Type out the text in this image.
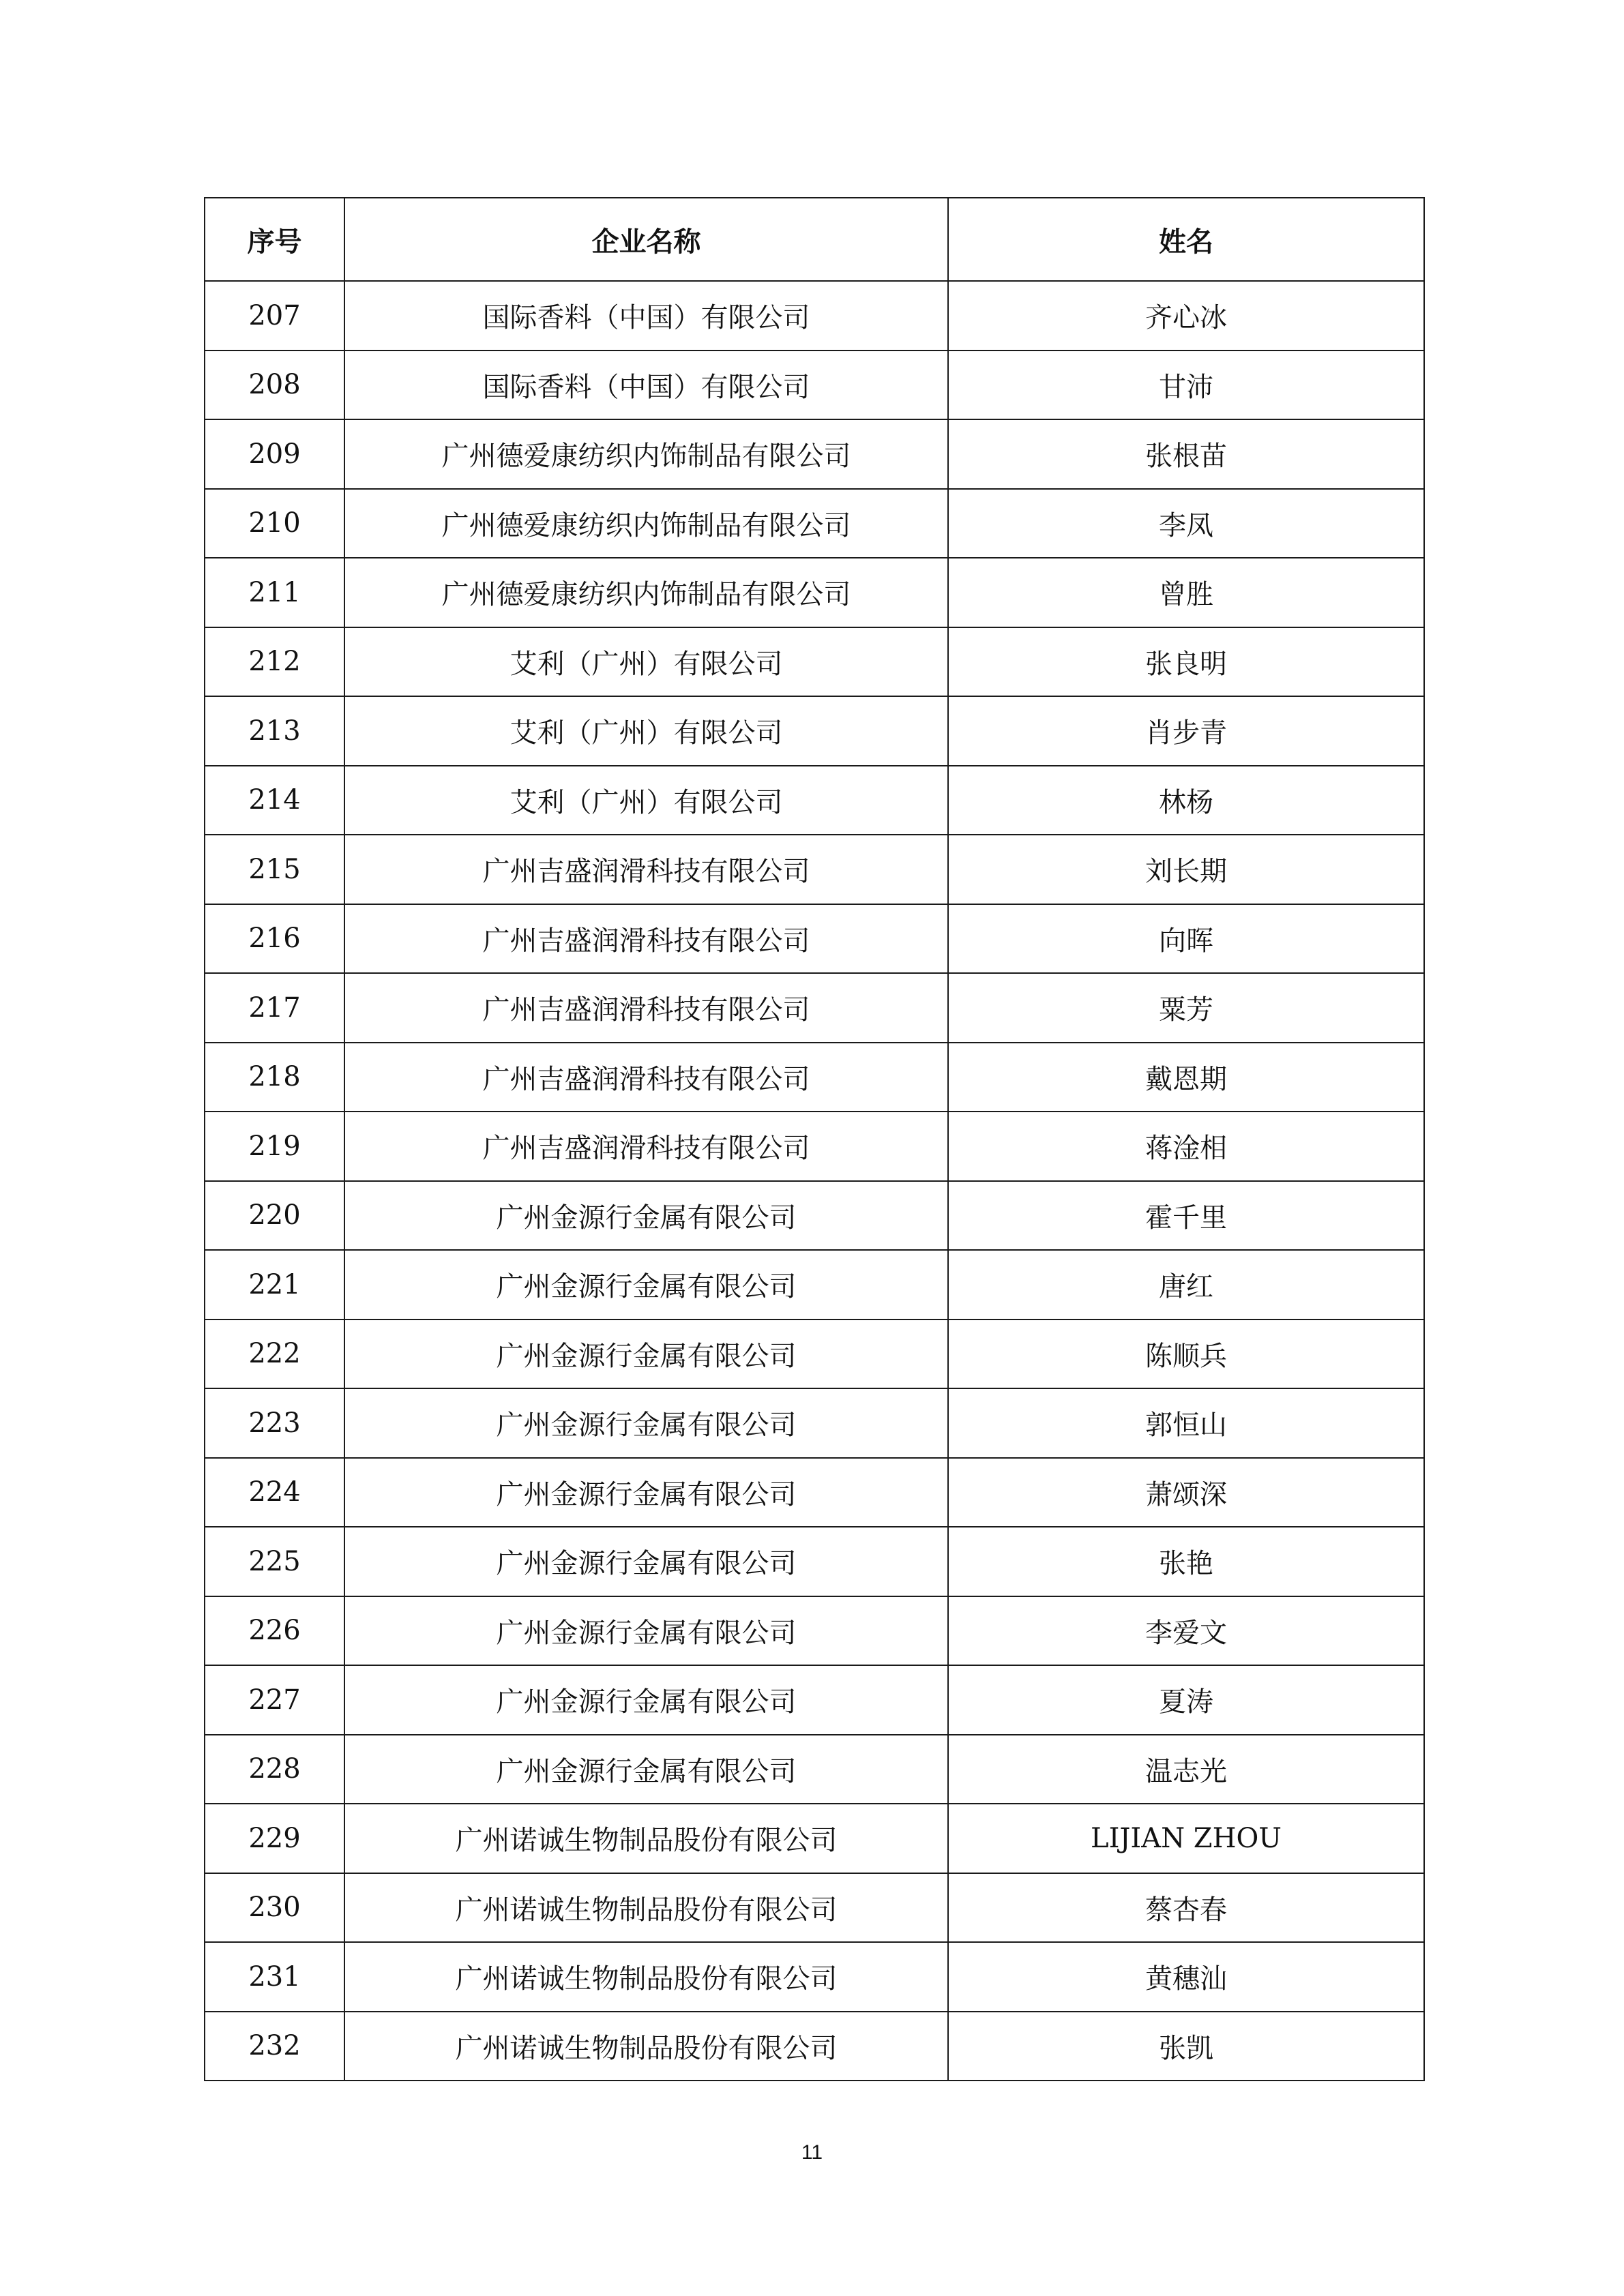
序号	企业名称	姓名
207	国际香料（中国）有限公司	齐心冰
208	国际香料（中国）有限公司	甘沛
209	广州德爱康纺织内饰制品有限公司	张根苗
210	广州德爱康纺织内饰制品有限公司	李凤
211	广州德爱康纺织内饰制品有限公司	曾胜
212	艾利（广州）有限公司	张良明
213	艾利（广州）有限公司	肖步青
214	艾利（广州）有限公司	林杨
215	广州吉盛润滑科技有限公司	刘长期
216	广州吉盛润滑科技有限公司	向晖
217	广州吉盛润滑科技有限公司	粟芳
218	广州吉盛润滑科技有限公司	戴恩期
219	广州吉盛润滑科技有限公司	蒋淦相
220	广州金源行金属有限公司	霍千里
221	广州金源行金属有限公司	唐红
222	广州金源行金属有限公司	陈顺兵
223	广州金源行金属有限公司	郭恒山
224	广州金源行金属有限公司	萧颂深
225	广州金源行金属有限公司	张艳
226	广州金源行金属有限公司	李爱文
227	广州金源行金属有限公司	夏涛
228	广州金源行金属有限公司	温志光
229	广州诺诚生物制品股份有限公司	LIJIAN ZHOU
230	广州诺诚生物制品股份有限公司	蔡杏春
231	广州诺诚生物制品股份有限公司	黄穗汕
232	广州诺诚生物制品股份有限公司	张凯
11
